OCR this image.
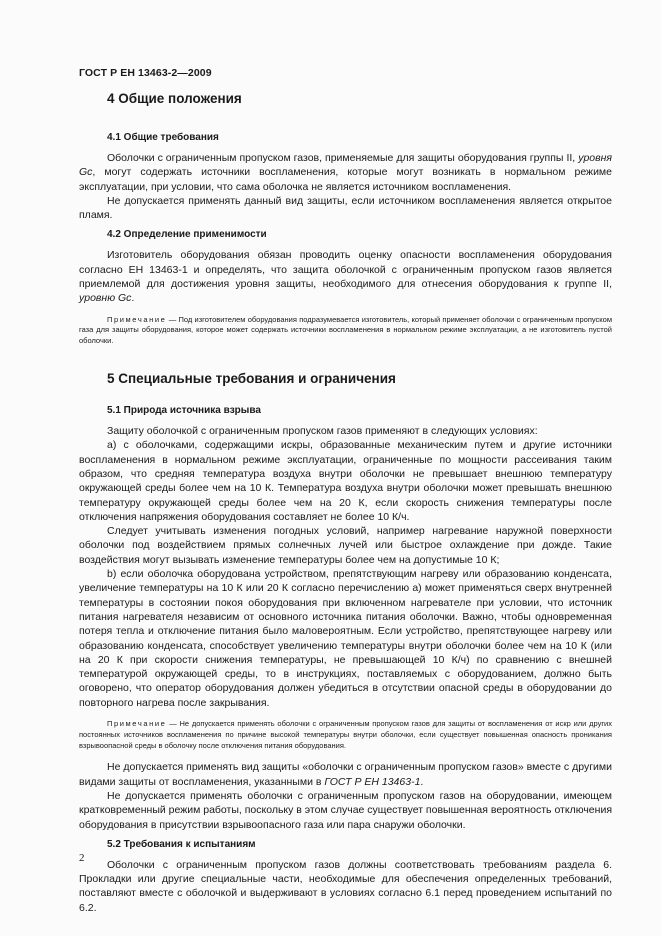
ГОСТ Р ЕН 13463-2—2009
4 Общие положения
4.1 Общие требования

Оболочки с ограниченным пропуском газов, применяемые для защиты оборудования группы II, уровня Gc, могут содержать источники воспламенения, которые могут возникать в нормальном режиме эксплуатации, при условии, что сама оболочка не является источником воспламенения.

Не допускается применять данный вид защиты, если источником воспламенения является открытое пламя.

4.2 Определение применимости

Изготовитель оборудования обязан проводить оценку опасности воспламенения оборудования согласно ЕН 13463-1 и определять, что защита оболочкой с ограниченным пропуском газов является приемлемой для достижения уровня защиты, необходимого для отнесения оборудования к группе II, уровню Gc.

Примечание — Под изготовителем оборудования подразумевается изготовитель, который применяет оболочки с ограниченным пропуском газа для защиты оборудования, которое может содержать источники воспламенения в нормальном режиме эксплуатации, а не изготовитель пустой оболочки.

5 Специальные требования и ограничения
5.1 Природа источника взрыва

Защиту оболочкой с ограниченным пропуском газов применяют в следующих условиях:

а) с оболочками, содержащими искры, образованные механическим путем и другие источники воспламенения в нормальном режиме эксплуатации, ограниченные по мощности рассеивания таким образом, что средняя температура воздуха внутри оболочки не превышает внешнюю температуру окружающей среды более чем на 10 К. Температура воздуха внутри оболочки может превышать внешнюю температуру окружающей среды более чем на 20 К, если скорость снижения температуры после отключения напряжения оборудования составляет не более 10 К/ч.

Следует учитывать изменения погодных условий, например нагревание наружной поверхности оболочки под воздействием прямых солнечных лучей или быстрое охлаждение при дожде. Такие воздействия могут вызывать изменение температуры более чем на допустимые 10 К;

b) если оболочка оборудована устройством, препятствующим нагреву или образованию конденсата, увеличение температуры на 10 К или 20 К согласно перечислению а) может применяться сверх внутренней температуры в состоянии покоя оборудования при включенном нагревателе при условии, что источник питания нагревателя независим от основного источника питания оболочки. Важно, чтобы одновременная потеря тепла и отключение питания было маловероятным. Если устройство, препятствующее нагреву или образованию конденсата, способствует увеличению температуры внутри оболочки более чем на 10 К (или на 20 К при скорости снижения температуры, не превышающей 10 К/ч) по сравнению с внешней температурой окружающей среды, то в инструкциях, поставляемых с оборудованием, должно быть оговорено, что оператор оборудования должен убедиться в отсутствии опасной среды в оборудовании до повторного нагрева после закрывания.

Примечание — Не допускается применять оболочки с ограниченным пропуском газов для защиты от воспламенения от искр или других постоянных источников воспламенения по причине высокой температуры внутри оболочки, если существует повышенная опасность проникания взрывоопасной среды в оболочку после отключения питания оборудования.

Не допускается применять вид защиты «оболочки с ограниченным пропуском газов» вместе с другими видами защиты от воспламенения, указанными в ГОСТ Р ЕН 13463-1.

Не допускается применять оболочки с ограниченным пропуском газов на оборудовании, имеющем кратковременный режим работы, поскольку в этом случае существует повышенная вероятность отключения оборудования в присутствии взрывоопасного газа или пара снаружи оболочки.

5.2 Требования к испытаниям

Оболочки с ограниченным пропуском газов должны соответствовать требованиям раздела 6. Прокладки или другие специальные части, необходимые для обеспечения определенных требований, поставляют вместе с оболочкой и выдерживают в условиях согласно 6.1 перед проведением испытаний по 6.2.

2
